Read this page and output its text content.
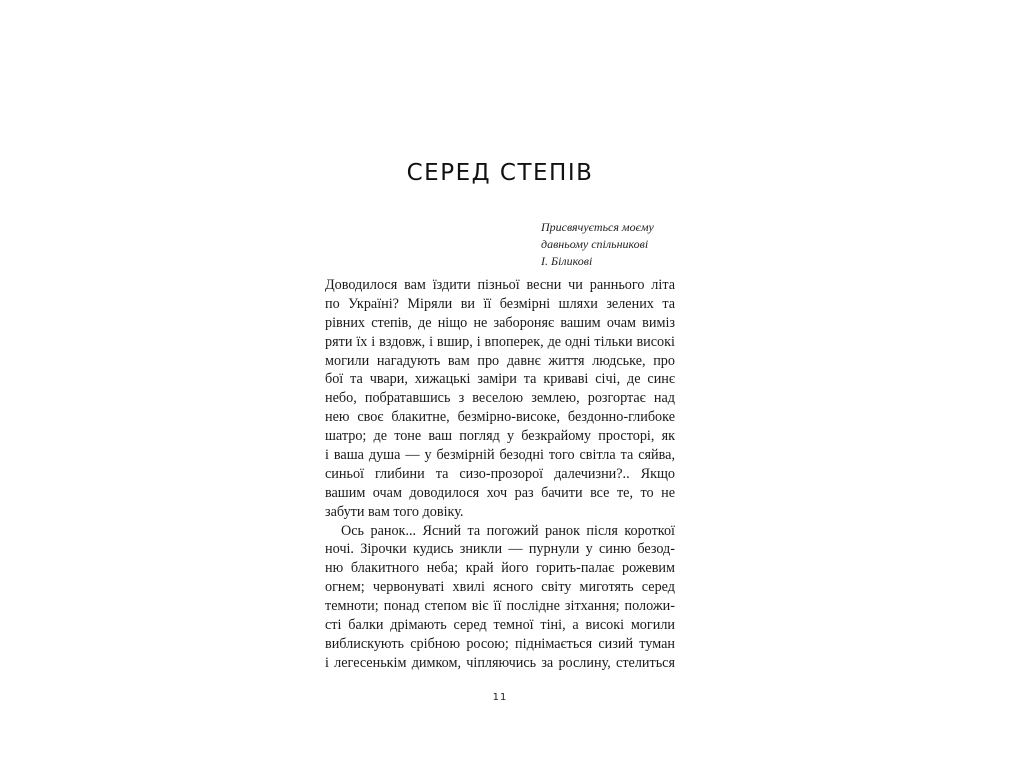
СЕРЕД СТЕПІВ
Присвячується моєму
давньому спільникові
І. Біликові
Доводилося вам їздити пізньої весни чи раннього літа
по Україні? Міряли ви її безмірні шляхи зелених та
рівних степів, де ніщо не забороняє вашим очам виміз
ряти їх і вздовж, і вшир, і впоперек, де одні тільки високі
могили нагадують вам про давнє життя людське, про
бої та чвари, хижацькі заміри та криваві січі, де синє
небо, побратавшись з веселою землею, розгортає над
нею своє блакитне, безмірно-високе, бездонно-глибоке
шатро; де тоне ваш погляд у безкрайому просторі, як
і ваша душа — у безмірній безодні того світла та сяйва,
синьої глибини та сизо-прозорої далечизни?.. Якщо
вашим очам доводилося хоч раз бачити все те, то не
забути вам того довіку.
Ось ранок... Ясний та погожий ранок після короткої
ночі. Зірочки кудись зникли — пурнули у синю безод-
ню блакитного неба; край його горить-палає рожевим
огнем; червонуваті хвилі ясного світу миготять серед
темноти; понад степом віє її послідне зітхання; положи-
сті балки дрімають серед темної тіні, а високі могили
виблискують срібною росою; піднімається сизий туман
і легесенькім димком, чіпляючись за рослину, стелиться
11
